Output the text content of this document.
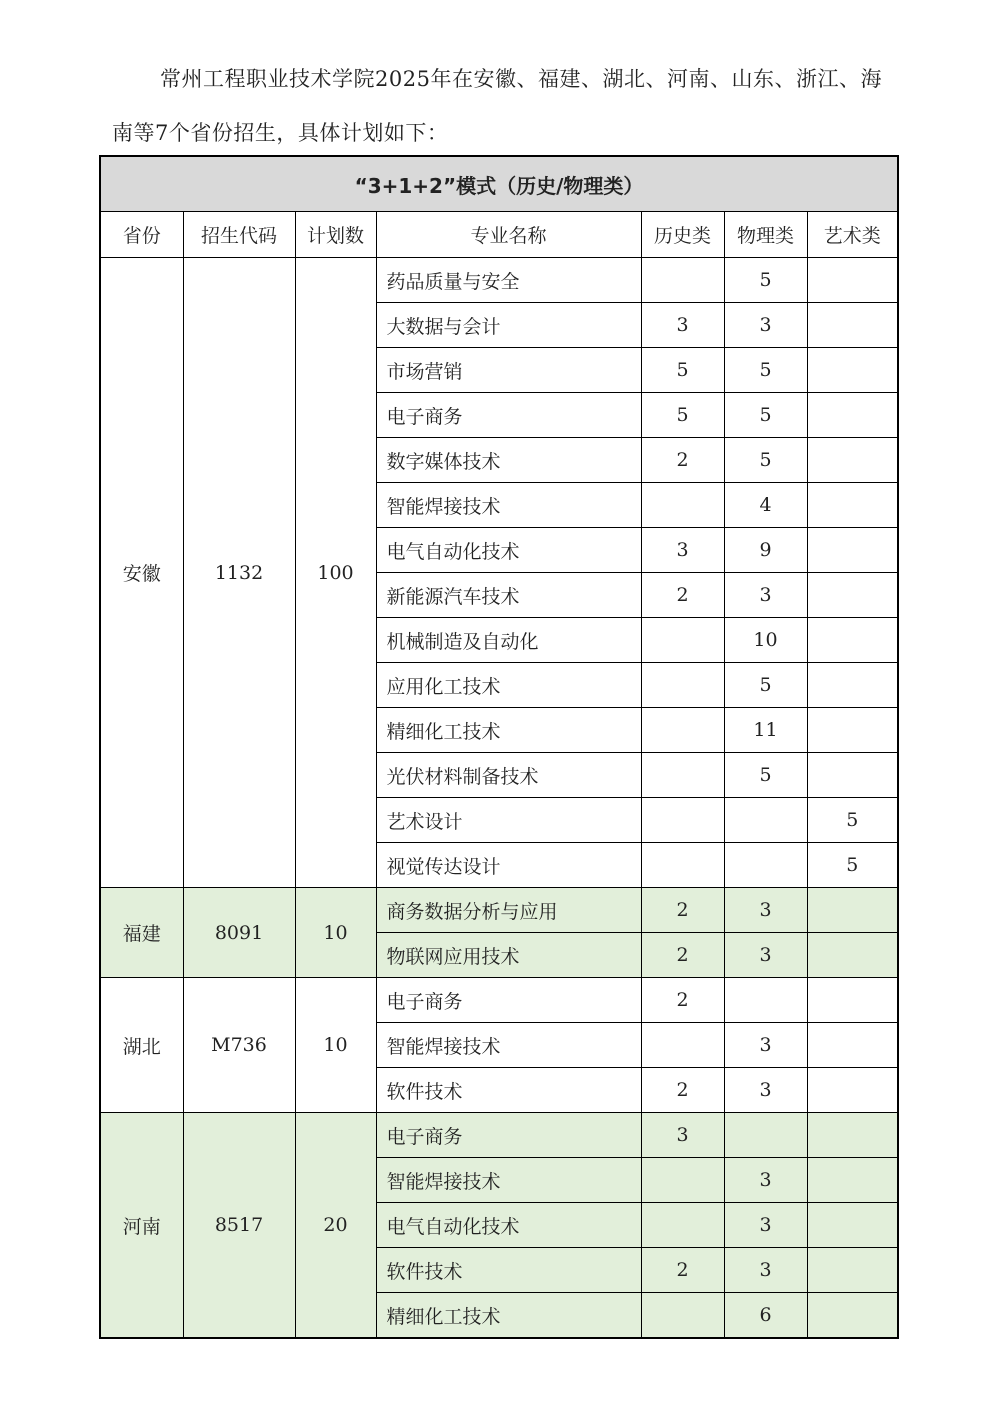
常州工程职业技术学院2025年在安徽、福建、湖北、河南、山东、浙江、海南等7个省份招生，具体计划如下：

“3+1+2”模式（历史/物理类）						
省份	招生代码	计划数	专业名称	历史类	物理类	艺术类
安徽	1132	100	药品质量与安全		5	
			大数据与会计	3	3	
			市场营销	5	5	
			电子商务	5	5	
			数字媒体技术	2	5	
			智能焊接技术		4	
			电气自动化技术	3	9	
			新能源汽车技术	2	3	
			机械制造及自动化		10	
			应用化工技术		5	
			精细化工技术		11	
			光伏材料制备技术		5	
			艺术设计			5
			视觉传达设计			5
福建	8091	10	商务数据分析与应用	2	3	
			物联网应用技术	2	3	
湖北	M736	10	电子商务	2		
			智能焊接技术		3	
			软件技术	2	3	
河南	8517	20	电子商务	3		
			智能焊接技术		3	
			电气自动化技术		3	
			软件技术	2	3	
			精细化工技术		6	
